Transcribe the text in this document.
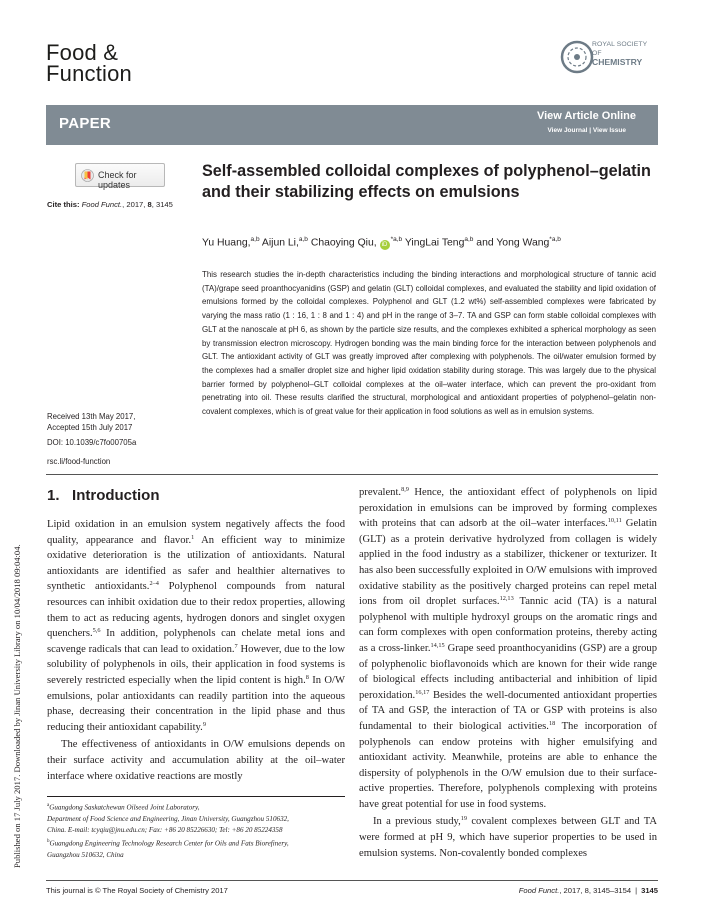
Published on 17 July 2017. Downloaded by Jinan University Library on 10/04/2018 09:04:04.
Food &
Function
ROYAL SOCIETY
OF
CHEMISTRY
PAPER	View Article Online
View Journal | View Issue
Check for updates
Cite this: Food Funct., 2017, 8, 3145
Self-assembled colloidal complexes of polyphenol–gelatin and their stabilizing effects on emulsions
Yu Huang,$^{a,b}$ Aijun Li,$^{a,b}$ Chaoying Qiu, iD$^{*a,b}$ YingLai Teng$^{a,b}$ and Yong Wang$^{*a,b}$

This research studies the in-depth characteristics including the binding interactions and morphological structure of tannic acid (TA)/grape seed proanthocyanidins (GSP) and gelatin (GLT) colloidal complexes, and evaluated the stability and lipid oxidation of emulsions formed by the colloidal complexes. Polyphenol and GLT (1.2 wt%) self-assembled complexes were fabricated by varying the mass ratio (1 : 16, 1 : 8 and 1 : 4) and pH in the range of 3–7. TA and GSP can form stable colloidal complexes with GLT at the nanoscale at pH 6, as shown by the particle size results, and the complexes exhibited a spherical morphology as seen by transmission electron microscopy. Hydrogen bonding was the main binding force for the interaction between polyphenols and GLT. The antioxidant activity of GLT was greatly improved after complexing with polyphenols. The oil/water emulsion formed by the complexes had a smaller droplet size and higher lipid oxidation stability during storage. This was largely due to the physical barrier formed by polyphenol–GLT colloidal complexes at the oil–water interface, which can prevent the pro-oxidant from penetrating into oil. These results clarified the structural, morphological and antioxidant properties of polyphenol–gelatin non-covalent complexes, which is of great value for their application in food solutions as well as in emulsion systems.

Received 13th May 2017,
Accepted 15th July 2017
DOI: 10.1039/c7fo00705a
rsc.li/food-function
1. Introduction

Lipid oxidation in an emulsion system negatively affects the food quality, appearance and flavor.$^1$ An efficient way to minimize oxidative deterioration is the utilization of antioxidants. Natural antioxidants are identified as safer and healthier alternatives to synthetic antioxidants.$^{2-4}$ Polyphenol compounds from natural resources can inhibit oxidation due to their redox properties, allowing them to act as reducing agents, hydrogen donors and singlet oxygen quenchers.$^{5,6}$ In addition, polyphenols can chelate metal ions and scavenge radicals that can lead to oxidation.$^7$ However, due to the low solubility of polyphenols in oils, their application in food systems is severely restricted especially when the lipid content is high.$^8$ In O/W emulsions, polar antioxidants can readily partition into the aqueous phase, decreasing their concentration in the lipid phase and thus reducing their antioxidant capability.$^9$

The effectiveness of antioxidants in O/W emulsions depends on their surface activity and accumulation ability at the oil–water interface where oxidative reactions are mostly

prevalent.$^{8,9}$ Hence, the antioxidant effect of polyphenols on lipid peroxidation in emulsions can be improved by forming complexes with proteins that can adsorb at the oil–water interfaces.$^{10,11}$ Gelatin (GLT) as a protein derivative hydrolyzed from collagen is widely applied in the food industry as a stabilizer, thickener or texturizer. It has also been successfully exploited in O/W emulsions with improved oxidative stability as the positively charged proteins can repel metal ions from oil droplet surfaces.$^{12,13}$ Tannic acid (TA) is a natural polyphenol with multiple hydroxyl groups on the aromatic rings and can form complexes with open conformation proteins, thereby acting as a cross-linker.$^{14,15}$ Grape seed proanthocyanidins (GSP) are a group of polyphenolic bioflavonoids which are known for their wide range of biological effects including antibacterial and inhibition of lipid peroxidation.$^{16,17}$ Besides the well-documented antioxidant properties of TA and GSP, the interaction of TA or GSP with proteins is also fundamental to their biological activities.$^{18}$ The incorporation of polyphenols can endow proteins with higher emulsifying and antioxidant activity. Meanwhile, proteins are able to enhance the dispersity of polyphenols in the O/W emulsion due to their surface-active properties. Therefore, polyphenols complexing with proteins have great potential for use in food systems.

In a previous study,$^{19}$ covalent complexes between GLT and TA were formed at pH 9, which have superior properties to be used in emulsion systems. Non-covalently bonded complexes

$^a$Guangdong Saskatchewan Oilseed Joint Laboratory,
Department of Food Science and Engineering, Jinan University, Guangzhou 510632,
China. E-mail: tcyqiu@jnu.edu.cn; Fax: +86 20 85226630; Tel: +86 20 85224358
$^b$Guangdong Engineering Technology Research Center for Oils and Fats Biorefinery,
Guangzhou 510632, China
This journal is © The Royal Society of Chemistry 2017	Food Funct., 2017, 8, 3145–3154 | 3145
